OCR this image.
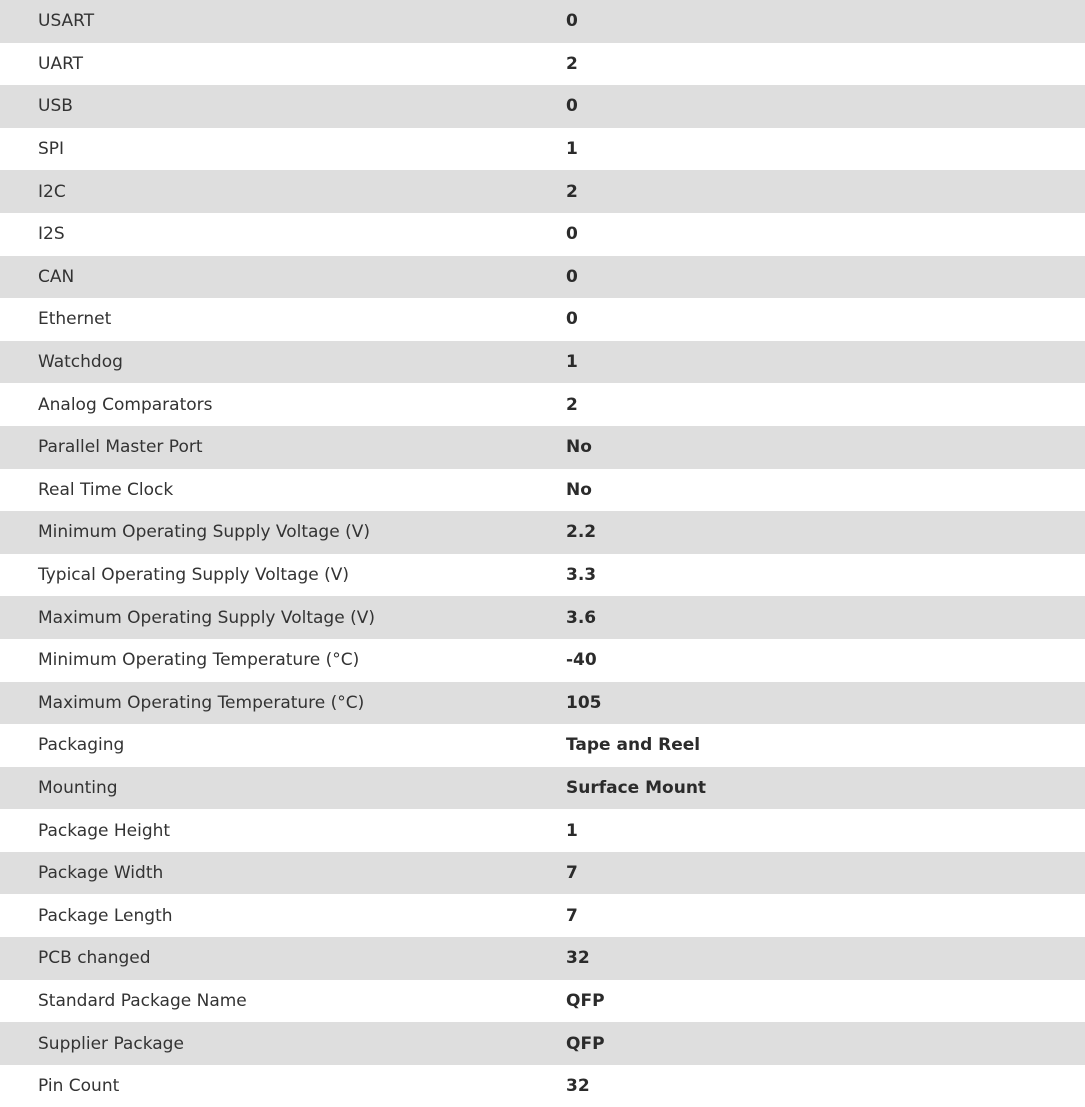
USART	0
UART	2
USB	0
SPI	1
I2C	2
I2S	0
CAN	0
Ethernet	0
Watchdog	1
Analog Comparators	2
Parallel Master Port	No
Real Time Clock	No
Minimum Operating Supply Voltage (V)	2.2
Typical Operating Supply Voltage (V)	3.3
Maximum Operating Supply Voltage (V)	3.6
Minimum Operating Temperature (°C)	-40
Maximum Operating Temperature (°C)	105
Packaging	Tape and Reel
Mounting	Surface Mount
Package Height	1
Package Width	7
Package Length	7
PCB changed	32
Standard Package Name	QFP
Supplier Package	QFP
Pin Count	32
